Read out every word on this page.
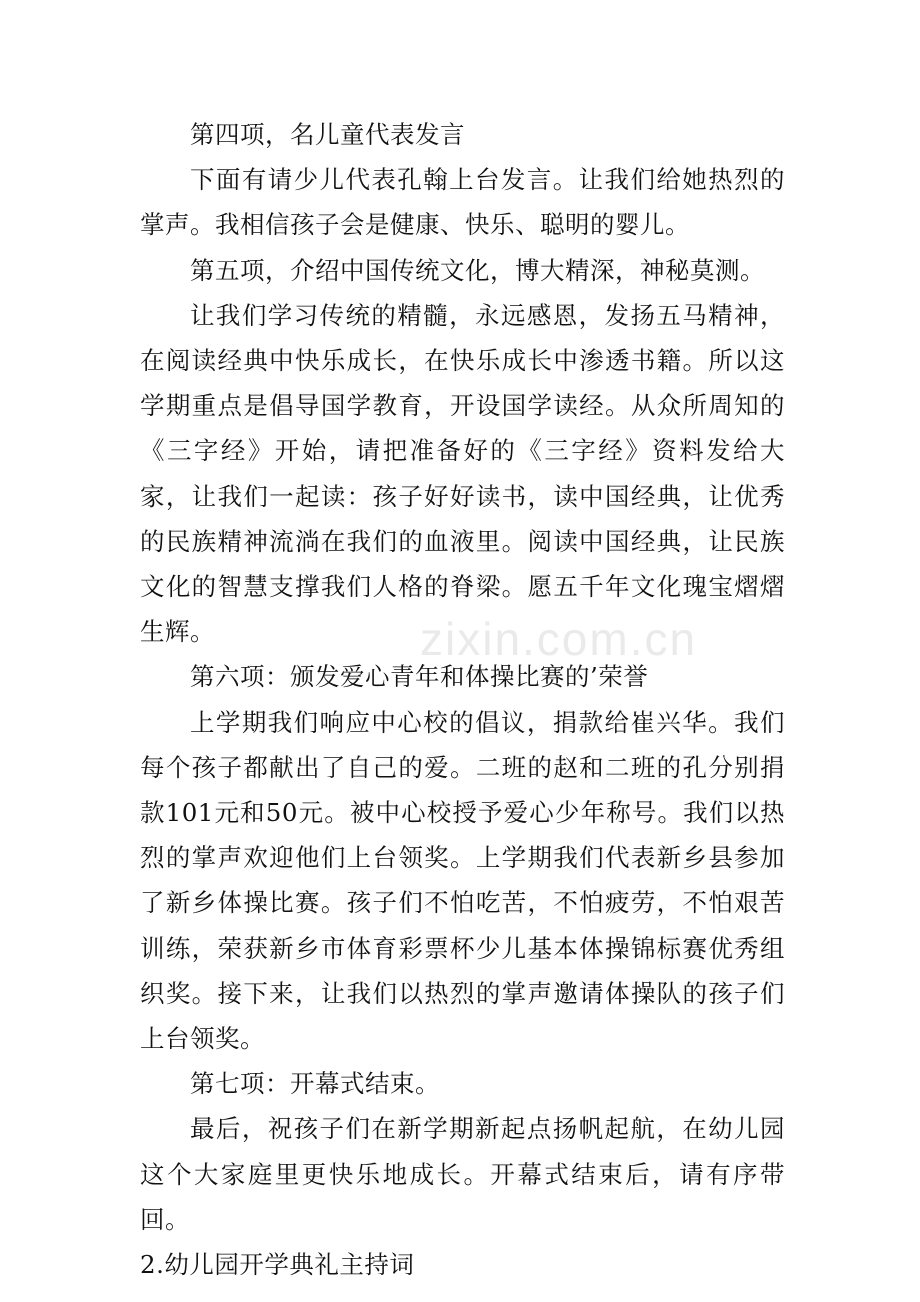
第四项，名儿童代表发言

下面有请少儿代表孔翰上台发言。让我们给她热烈的掌声。我相信孩子会是健康、快乐、聪明的婴儿。

第五项，介绍中国传统文化，博大精深，神秘莫测。

让我们学习传统的精髓，永远感恩，发扬五马精神，在阅读经典中快乐成长，在快乐成长中渗透书籍。所以这学期重点是倡导国学教育，开设国学读经。从众所周知的《三字经》开始，请把准备好的《三字经》资料发给大家，让我们一起读：孩子好好读书，读中国经典，让优秀的民族精神流淌在我们的血液里。阅读中国经典，让民族文化的智慧支撑我们人格的脊梁。愿五千年文化瑰宝熠熠生辉。

第六项：颁发爱心青年和体操比赛的’荣誉

上学期我们响应中心校的倡议，捐款给崔兴华。我们每个孩子都献出了自己的爱。二班的赵和二班的孔分别捐款101元和50元。被中心校授予爱心少年称号。我们以热烈的掌声欢迎他们上台领奖。上学期我们代表新乡县参加了新乡体操比赛。孩子们不怕吃苦，不怕疲劳，不怕艰苦训练，荣获新乡市体育彩票杯少儿基本体操锦标赛优秀组织奖。接下来，让我们以热烈的掌声邀请体操队的孩子们上台领奖。

第七项：开幕式结束。

最后，祝孩子们在新学期新起点扬帆起航，在幼儿园这个大家庭里更快乐地成长。开幕式结束后，请有序带回。

2.幼儿园开学典礼主持词

zixin.com.cn
